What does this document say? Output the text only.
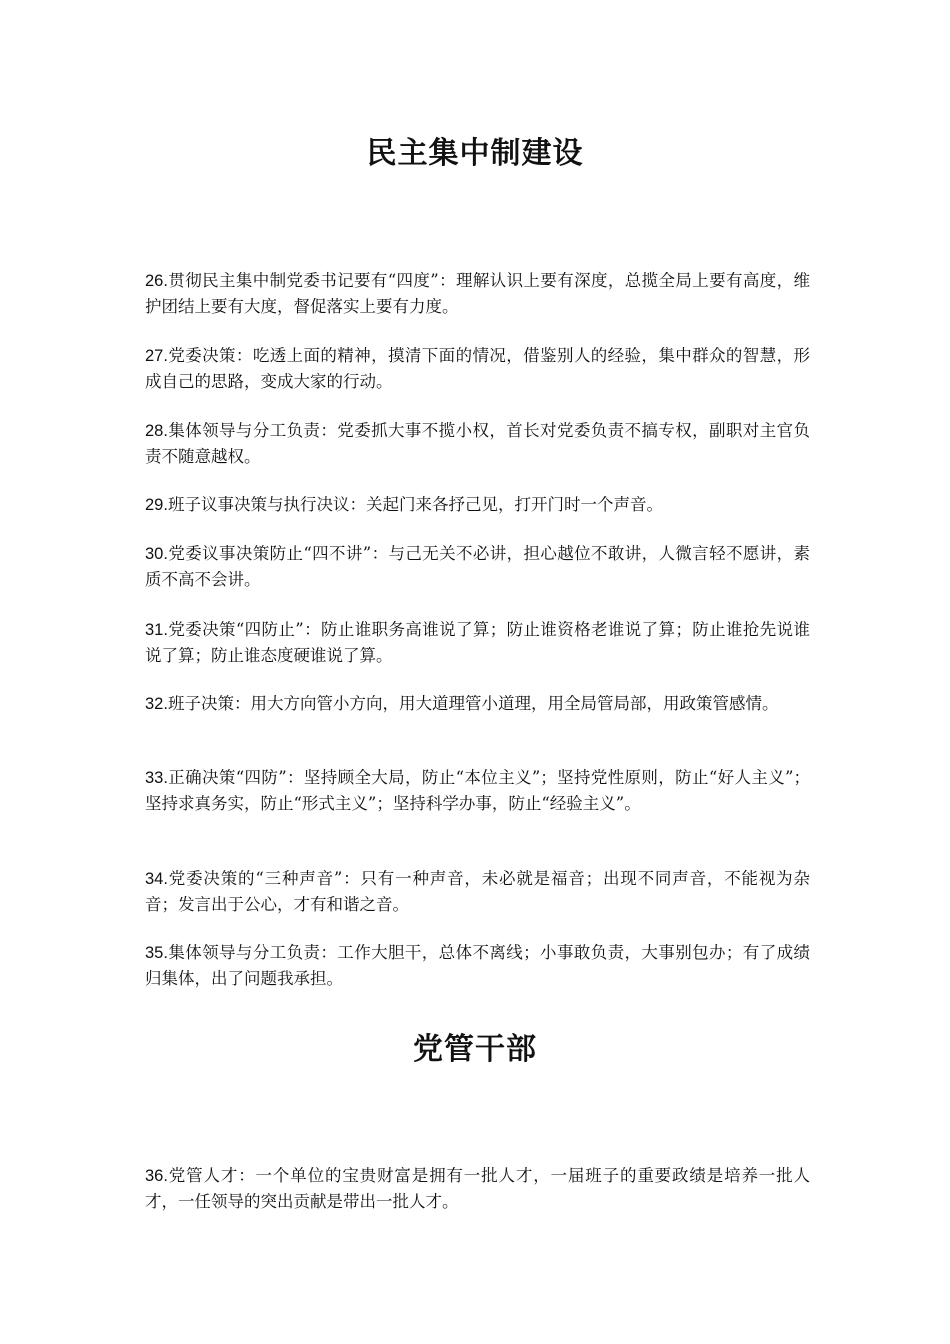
民主集中制建设

26.贯彻民主集中制党委书记要有“四度”：理解认识上要有深度，总揽全局上要有高度，维护团结上要有大度，督促落实上要有力度。

27.党委决策：吃透上面的精神，摸清下面的情况，借鉴别人的经验，集中群众的智慧，形成自己的思路，变成大家的行动。

28.集体领导与分工负责：党委抓大事不揽小权，首长对党委负责不搞专权，副职对主官负责不随意越权。

29.班子议事决策与执行决议：关起门来各抒己见，打开门时一个声音。

30.党委议事决策防止“四不讲”：与己无关不必讲，担心越位不敢讲，人微言轻不愿讲，素质不高不会讲。

31.党委决策“四防止”：防止谁职务高谁说了算；防止谁资格老谁说了算；防止谁抢先说谁说了算；防止谁态度硬谁说了算。

32.班子决策：用大方向管小方向，用大道理管小道理，用全局管局部，用政策管感情。

33.正确决策“四防”：坚持顾全大局，防止“本位主义”；坚持党性原则，防止“好人主义”；坚持求真务实，防止“形式主义”；坚持科学办事，防止“经验主义”。

34.党委决策的“三种声音”：只有一种声音，未必就是福音；出现不同声音，不能视为杂音；发言出于公心，才有和谐之音。

35.集体领导与分工负责：工作大胆干，总体不离线；小事敢负责，大事别包办；有了成绩归集体，出了问题我承担。

党管干部

36.党管人才：一个单位的宝贵财富是拥有一批人才，一届班子的重要政绩是培养一批人才，一任领导的突出贡献是带出一批人才。
